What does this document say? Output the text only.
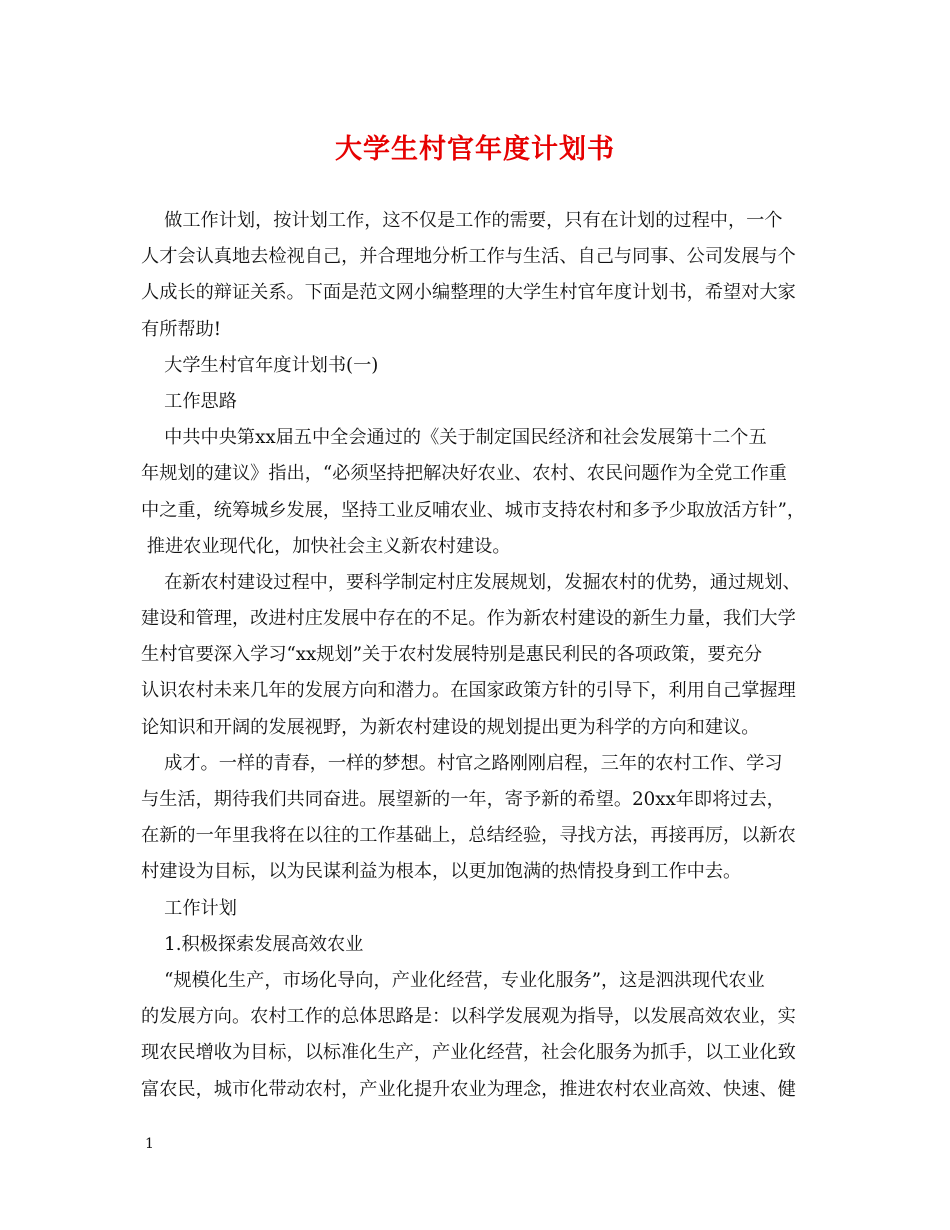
大学生村官年度计划书
做工作计划，按计划工作，这不仅是工作的需要，只有在计划的过程中，一个
人才会认真地去检视自己，并合理地分析工作与生活、自己与同事、公司发展与个
人成长的辩证关系。下面是范文网小编整理的大学生村官年度计划书，希望对大家
有所帮助!
大学生村官年度计划书(一)
工作思路
中共中央第xx届五中全会通过的《关于制定国民经济和社会发展第十二个五
年规划的建议》指出，“必须坚持把解决好农业、农村、农民问题作为全党工作重
中之重，统筹城乡发展，坚持工业反哺农业、城市支持农村和多予少取放活方针”，
推进农业现代化，加快社会主义新农村建设。
在新农村建设过程中，要科学制定村庄发展规划，发掘农村的优势，通过规划、
建设和管理，改进村庄发展中存在的不足。作为新农村建设的新生力量，我们大学
生村官要深入学习“xx规划”关于农村发展特别是惠民利民的各项政策，要充分
认识农村未来几年的发展方向和潜力。在国家政策方针的引导下，利用自己掌握理
论知识和开阔的发展视野，为新农村建设的规划提出更为科学的方向和建议。
成才。一样的青春，一样的梦想。村官之路刚刚启程，三年的农村工作、学习
与生活，期待我们共同奋进。展望新的一年，寄予新的希望。20xx年即将过去，
在新的一年里我将在以往的工作基础上，总结经验，寻找方法，再接再厉，以新农
村建设为目标，以为民谋利益为根本，以更加饱满的热情投身到工作中去。
工作计划
1.积极探索发展高效农业
“规模化生产，市场化导向，产业化经营，专业化服务”，这是泗洪现代农业
的发展方向。农村工作的总体思路是：以科学发展观为指导，以发展高效农业，实
现农民增收为目标，以标准化生产，产业化经营，社会化服务为抓手，以工业化致
富农民，城市化带动农村，产业化提升农业为理念，推进农村农业高效、快速、健
1
